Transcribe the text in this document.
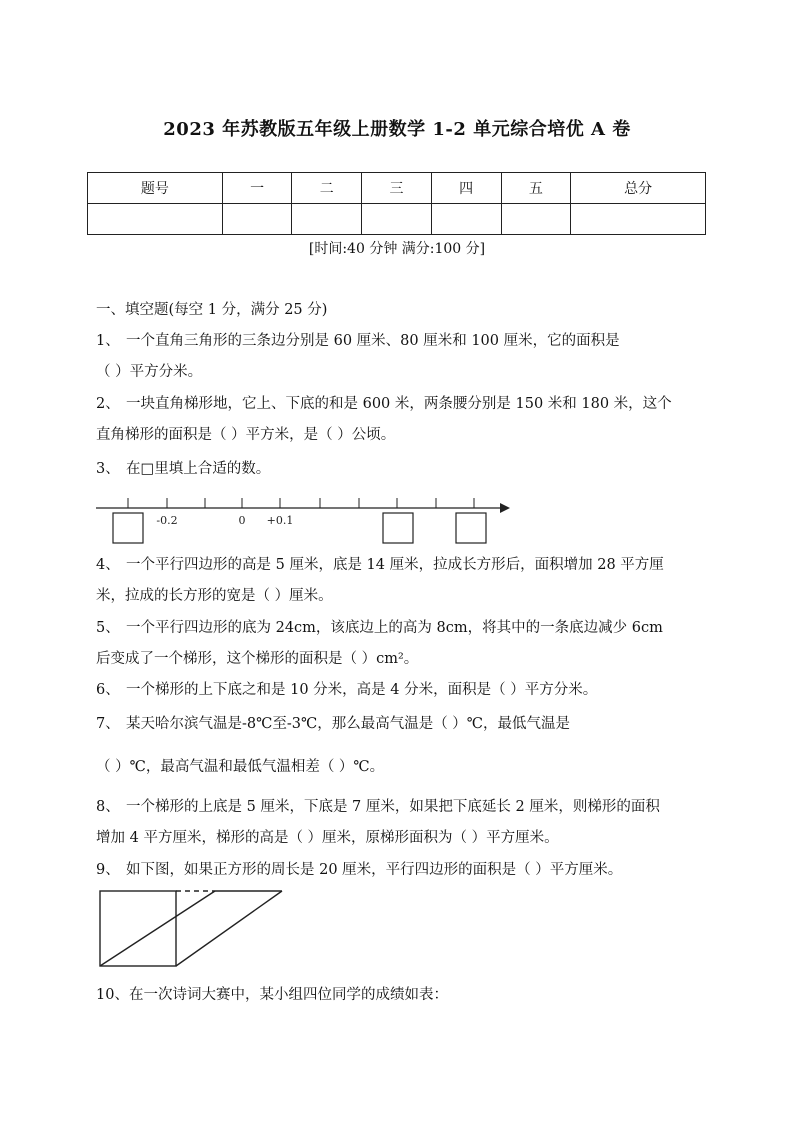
2023 年苏教版五年级上册数学 1-2 单元综合培优 A 卷
题号	一	二	三	四	五	总分

[时间:40 分钟 满分:100 分]
一、填空题(每空 1 分，满分 25 分)
1、 一个直角三角形的三条边分别是 60 厘米、80 厘米和 100 厘米，它的面积是
（ ）平方分米。
2、 一块直角梯形地，它上、下底的和是 600 米，两条腰分别是 150 米和 180 米，这个
直角梯形的面积是（ ）平方米，是（ ）公顷。
3、 在□里填上合适的数。
-0.2	0 +0.1
4、 一个平行四边形的高是 5 厘米，底是 14 厘米，拉成长方形后，面积增加 28 平方厘
米，拉成的长方形的宽是（ ）厘米。
5、 一个平行四边形的底为 24cm，该底边上的高为 8cm，将其中的一条底边减少 6cm
后变成了一个梯形，这个梯形的面积是（ ）cm²。
6、 一个梯形的上下底之和是 10 分米，高是 4 分米，面积是（ ）平方分米。
7、 某天哈尔滨气温是-8℃至-3℃，那么最高气温是（ ）℃，最低气温是
（ ）℃，最高气温和最低气温相差（ ）℃。
8、 一个梯形的上底是 5 厘米，下底是 7 厘米，如果把下底延长 2 厘米，则梯形的面积
增加 4 平方厘米，梯形的高是（ ）厘米，原梯形面积为（ ）平方厘米。
9、 如下图，如果正方形的周长是 20 厘米，平行四边形的面积是（ ）平方厘米。
10、在一次诗词大赛中，某小组四位同学的成绩如表：
